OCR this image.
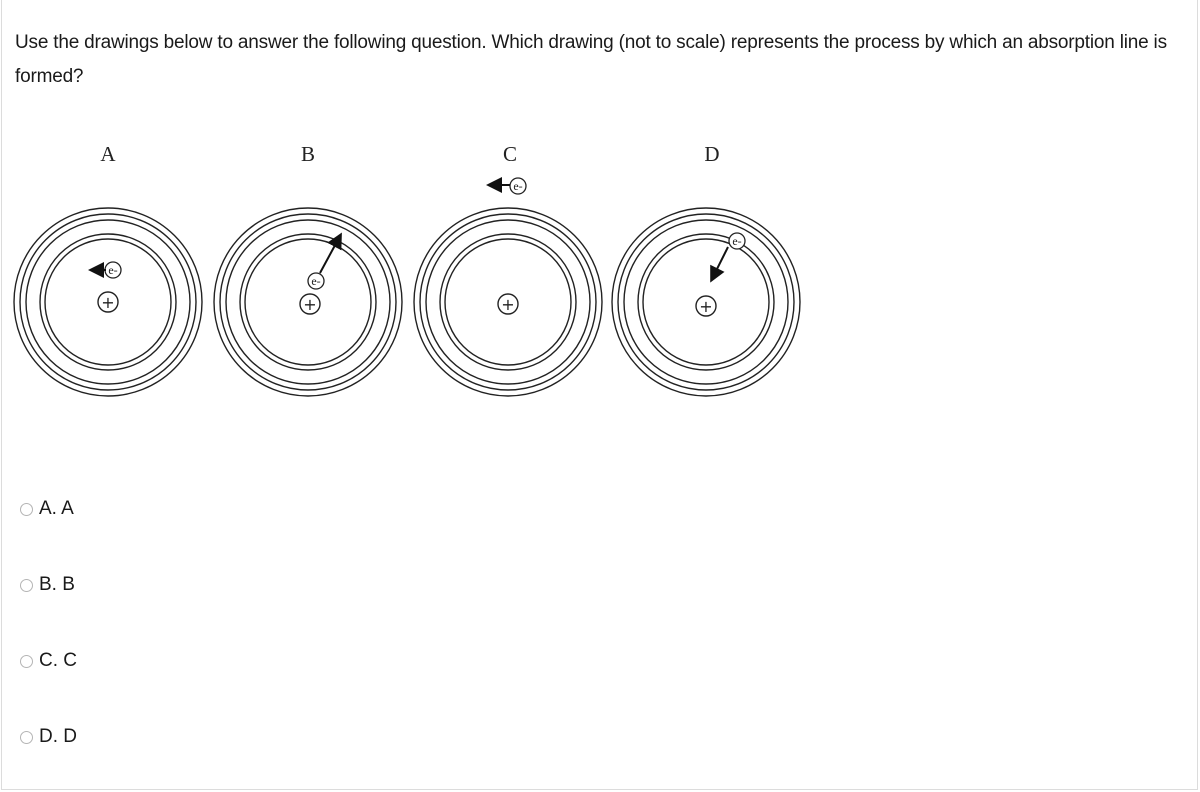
Use the drawings below to answer the following question. Which drawing (not to scale) represents the process by which an absorption line is formed?
A
+
e-
B
+
e-
C
+
e-
D
+
e-
A. A
B. B
C. C
D. D
